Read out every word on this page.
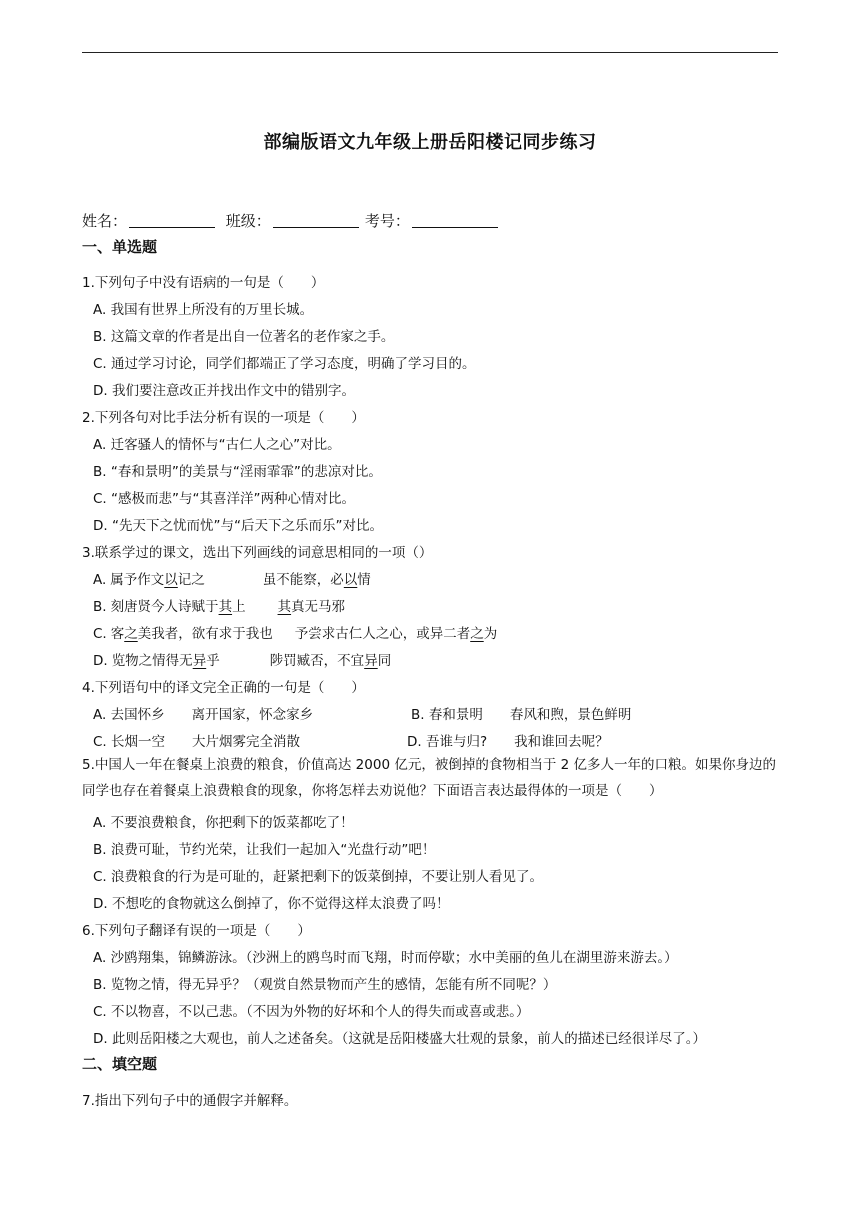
部编版语文九年级上册岳阳楼记同步练习
姓名：	班级：	考号：
一、单选题
1.下列句子中没有语病的一句是（　　）
A. 我国有世界上所没有的万里长城。
B. 这篇文章的作者是出自一位著名的老作家之手。
C. 通过学习讨论，同学们都端正了学习态度，明确了学习目的。
D. 我们要注意改正并找出作文中的错别字。
2.下列各句对比手法分析有误的一项是（　　）
A. 迁客骚人的情怀与“古仁人之心”对比。
B. “春和景明”的美景与“淫雨霏霏”的悲凉对比。
C. “感极而悲”与“其喜洋洋”两种心情对比。
D. “先天下之忧而忧”与“后天下之乐而乐”对比。
3.联系学过的课文，选出下列画线的词意思相同的一项（）
A. 属予作文以记之	虽不能察，必以情
B. 刻唐贤今人诗赋于其上 其真无马邪
C. 客之美我者，欲有求于我也 予尝求古仁人之心，或异二者之为
D. 览物之情得无异乎	陟罚臧否，不宜异同
4.下列语句中的译文完全正确的一句是（　　）
A. 去国怀乡　　离开国家，怀念家乡	B. 春和景明　　春风和煦，景色鲜明
C. 长烟一空　　大片烟雾完全消散	D. 吾谁与归?　　我和谁回去呢？
5.中国人一年在餐桌上浪费的粮食，价值高达 2000 亿元，被倒掉的食物相当于 2 亿多人一年的口粮。如果你身边的同学也存在着餐桌上浪费粮食的现象，你将怎样去劝说他？下面语言表达最得体的一项是（　　）
A. 不要浪费粮食，你把剩下的饭菜都吃了！
B. 浪费可耻，节约光荣，让我们一起加入“光盘行动”吧！
C. 浪费粮食的行为是可耻的，赶紧把剩下的饭菜倒掉，不要让别人看见了。
D. 不想吃的食物就这么倒掉了，你不觉得这样太浪费了吗！
6.下列句子翻译有误的一项是（　　）
A. 沙鸥翔集，锦鳞游泳。（沙洲上的鸥鸟时而飞翔，时而停歇；水中美丽的鱼儿在湖里游来游去。）
B. 览物之情，得无异乎？（观赏自然景物而产生的感情，怎能有所不同呢？）
C. 不以物喜，不以己悲。（不因为外物的好坏和个人的得失而或喜或悲。）
D. 此则岳阳楼之大观也，前人之述备矣。（这就是岳阳楼盛大壮观的景象，前人的描述已经很详尽了。）
二、填空题
7.指出下列句子中的通假字并解释。
